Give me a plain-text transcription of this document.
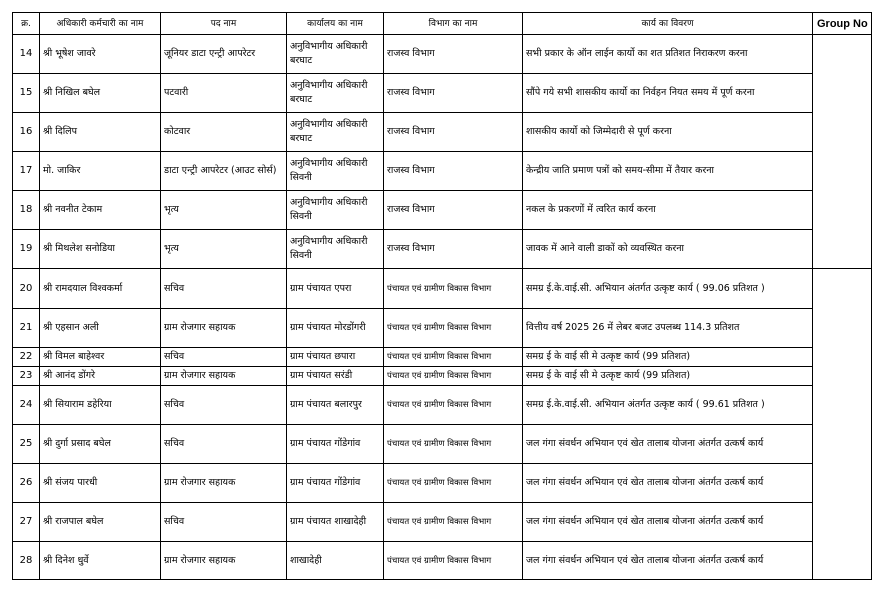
क्र.	अधिकारी कर्मचारी का नाम	पद नाम	कार्यालय का नाम	विभाग का नाम	कार्य का विवरण	Group No
14	श्री भूषेश जावरे	जूनियर डाटा एन्ट्री आपरेटर	अनुविभागीय अधिकारी बरघाट	राजस्व विभाग	सभी प्रकार के ऑन लाईन कार्यो का शत प्रतिशत निराकरण करना	
15	श्री निखिल बघेल	पटवारी	अनुविभागीय अधिकारी बरघाट	राजस्व विभाग	सौंपे गये सभी शासकीय कार्यो का निर्वहन नियत समय में पूर्ण करना	
16	श्री दिलिप	कोटवार	अनुविभागीय अधिकारी बरघाट	राजस्व विभाग	शासकीय कार्यो को जिम्मेदारी से पूर्ण करना	
17	मो. जाकिर	डाटा एन्ट्री आपरेटर (आउट सोर्स)	अनुविभागीय अधिकारी सिवनी	राजस्व विभाग	केन्द्रीय जाति प्रमाण पत्रों को समय-सीमा में तैयार करना	
18	श्री नवनीत टेकाम	भृत्य	अनुविभागीय अधिकारी सिवनी	राजस्व विभाग	नकल के प्रकरणों में त्वरित कार्य करना	
19	श्री मिथलेश सनोडिया	भृत्य	अनुविभागीय अधिकारी सिवनी	राजस्व विभाग	जावक में आने वाली डाकों को व्यवस्थित करना	
20	श्री रामदयाल विश्वकर्मा	सचिव	ग्राम पंचायत एपरा	पंचायत एवं ग्रामीण विकास विभाग	समग्र ई.के.वाई.सी. अभियान अंतर्गत उत्कृष्ट कार्य ( 99.06 प्रतिशत )	
21	श्री एहसान अली	ग्राम रोजगार सहायक	ग्राम पंचायत मोरडोंगरी	पंचायत एवं ग्रामीण विकास विभाग	वित्तीय वर्ष 2025 26 में लेबर बजट उपलब्ध 114.3 प्रतिशत	
22	श्री विमल बाहेश्वर	सचिव	ग्राम पंचायत छपारा	पंचायत एवं ग्रामीण विकास विभाग	समग्र ई के वाई सी मे उत्कृष्ट कार्य (99 प्रतिशत)	
23	श्री आनंद डोंगरे	ग्राम रोजगार सहायक	ग्राम पंचायत सरंडी	पंचायत एवं ग्रामीण विकास विभाग	समग्र ई के वाई सी मे उत्कृष्ट कार्य (99 प्रतिशत)	
24	श्री सियाराम डहेरिया	सचिव	ग्राम पंचायत बलारपुर	पंचायत एवं ग्रामीण विकास विभाग	समग्र ई.के.वाई.सी. अभियान अंतर्गत उत्कृष्ट कार्य ( 99.61 प्रतिशत )	
25	श्री दुर्गा प्रसाद बघेल	सचिव	ग्राम पंचायत गोंडेगांव	पंचायत एवं ग्रामीण विकास विभाग	जल गंगा संवर्धन अभियान एवं खेत तालाब योजना अंतर्गत उत्कर्ष कार्य	
26	श्री संजय पारधी	ग्राम रोजगार सहायक	ग्राम पंचायत गोंडेगांव	पंचायत एवं ग्रामीण विकास विभाग	जल गंगा संवर्धन अभियान एवं खेत तालाब योजना अंतर्गत उत्कर्ष कार्य	
27	श्री राजपाल बघेल	सचिव	ग्राम पंचायत शाखादेही	पंचायत एवं ग्रामीण विकास विभाग	जल गंगा संवर्धन अभियान एवं खेत तालाब योजना अंतर्गत उत्कर्ष कार्य	
28	श्री दिनेश धुर्वे	ग्राम रोजगार सहायक	शाखादेही	पंचायत एवं ग्रामीण विकास विभाग	जल गंगा संवर्धन अभियान एवं खेत तालाब योजना अंतर्गत उत्कर्ष कार्य	
